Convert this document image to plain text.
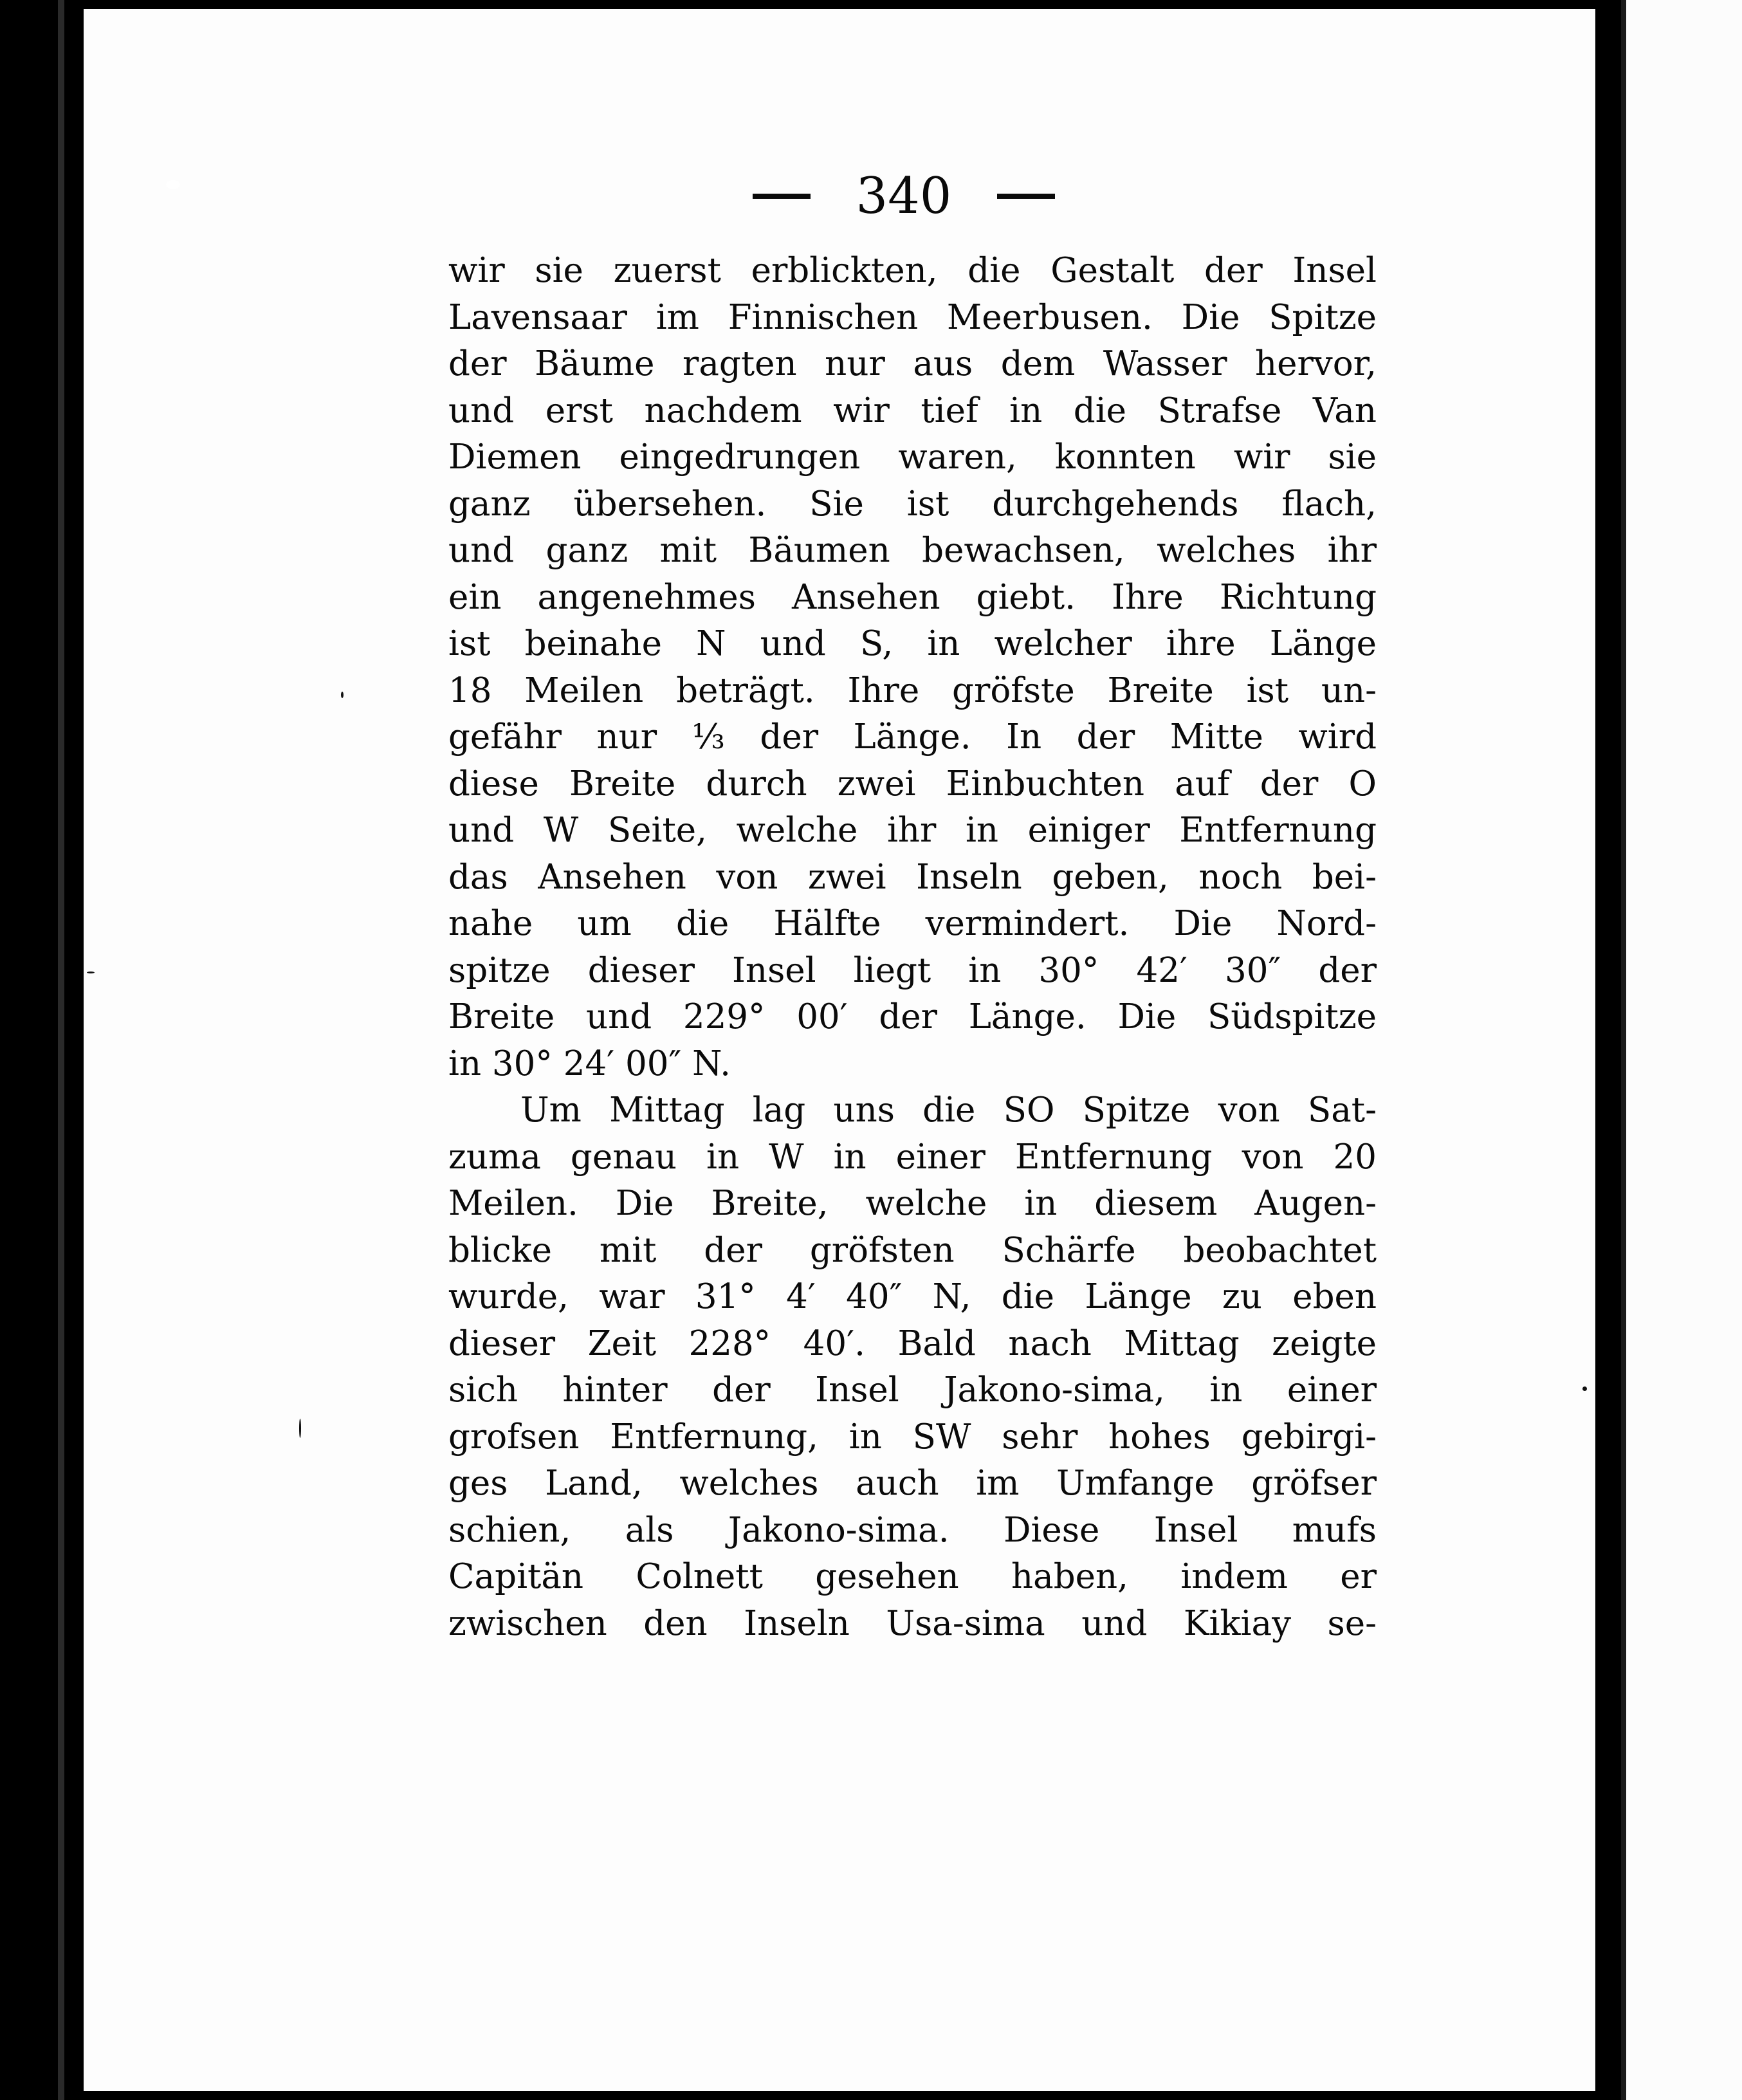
340
wir sie zuerst erblickten, die Gestalt der Insel
Lavensaar im Finnischen Meerbusen. Die Spitze
der Bäume ragten nur aus dem Wasser hervor,
und erst nachdem wir tief in die Strafse Van
Diemen eingedrungen waren, konnten wir sie
ganz übersehen. Sie ist durchgehends flach,
und ganz mit Bäumen bewachsen, welches ihr
ein angenehmes Ansehen giebt. Ihre Richtung
ist beinahe N und S, in welcher ihre Länge
18 Meilen beträgt. Ihre gröfste Breite ist un-
gefähr nur ⅓ der Länge. In der Mitte wird
diese Breite durch zwei Einbuchten auf der O
und W Seite, welche ihr in einiger Entfernung
das Ansehen von zwei Inseln geben, noch bei-
nahe um die Hälfte vermindert. Die Nord-
spitze dieser Insel liegt in 30° 42′ 30″ der
Breite und 229° 00′ der Länge. Die Südspitze
in 30° 24′ 00″ N.
Um Mittag lag uns die SO Spitze von Sat-
zuma genau in W in einer Entfernung von 20
Meilen. Die Breite, welche in diesem Augen-
blicke mit der gröfsten Schärfe beobachtet
wurde, war 31° 4′ 40″ N, die Länge zu eben
dieser Zeit 228° 40′. Bald nach Mittag zeigte
sich hinter der Insel Jakono-sima, in einer
grofsen Entfernung, in SW sehr hohes gebirgi-
ges Land, welches auch im Umfange gröfser
schien, als Jakono-sima. Diese Insel mufs
Capitän Colnett gesehen haben, indem er
zwischen den Inseln Usa-sima und Kikiay se-
